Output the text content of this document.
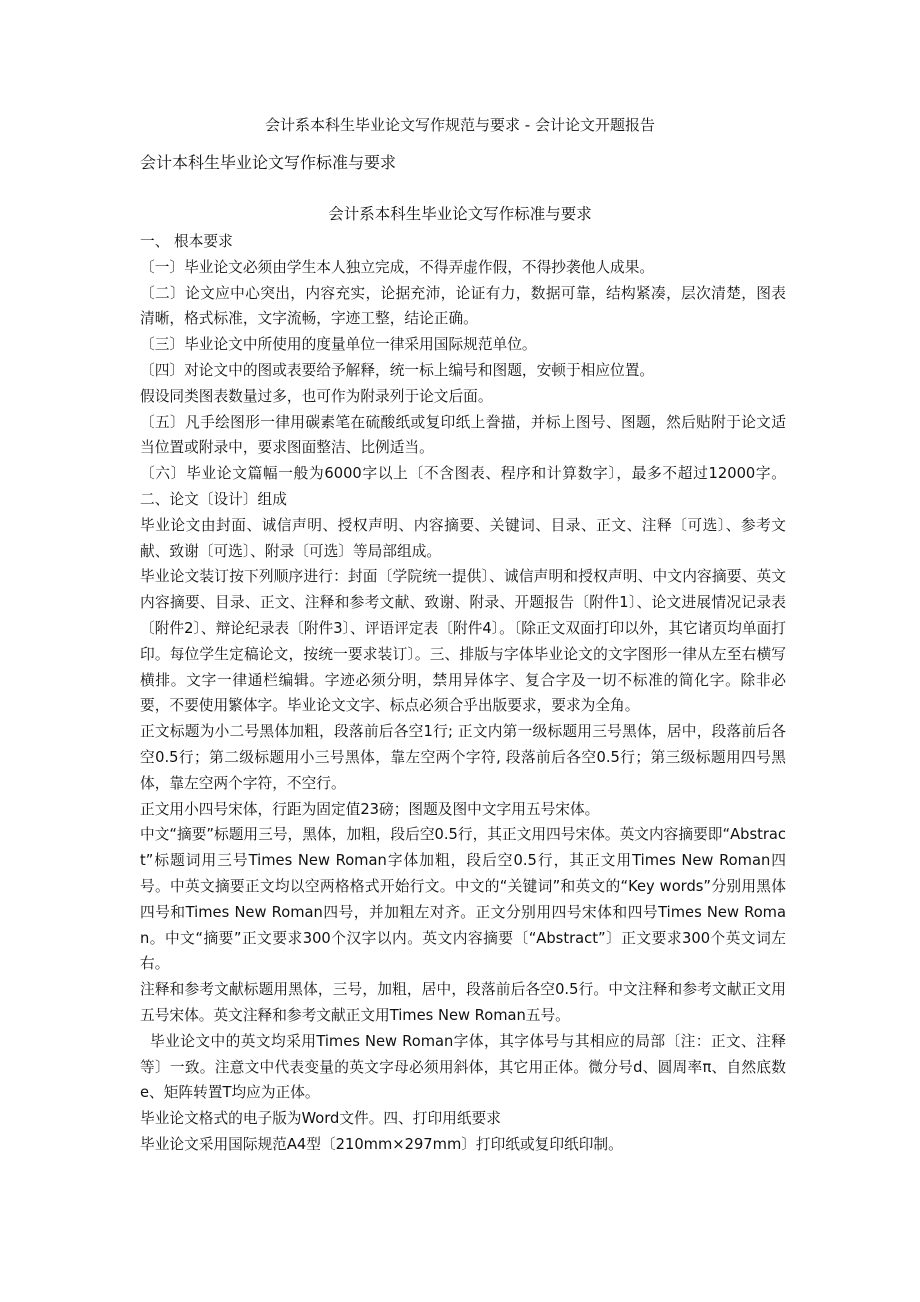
会计系本科生毕业论文写作规范与要求 - 会计论文开题报告
会计本科生毕业论文写作标准与要求
会计系本科生毕业论文写作标准与要求

一、 根本要求

〔一〕毕业论文必须由学生本人独立完成，不得弄虚作假，不得抄袭他人成果。

〔二〕论文应中心突出，内容充实，论据充沛，论证有力，数据可靠，结构紧凑，层次清楚，图表清晰，格式标准，文字流畅，字迹工整，结论正确。

〔三〕毕业论文中所使用的度量单位一律采用国际规范单位。

〔四〕对论文中的图或表要给予解释，统一标上编号和图题，安顿于相应位置。

假设同类图表数量过多，也可作为附录列于论文后面。

〔五〕凡手绘图形一律用碳素笔在硫酸纸或复印纸上誊描，并标上图号、图题，然后贴附于论文适当位置或附录中，要求图面整洁、比例适当。

〔六〕毕业论文篇幅一般为6000字以上〔不含图表、程序和计算数字〕，最多不超过12000字。二、论文〔设计〕组成

毕业论文由封面、诚信声明、授权声明、内容摘要、关键词、目录、正文、注释〔可选〕、参考文献、致谢〔可选〕、附录〔可选〕等局部组成。

毕业论文装订按下列顺序进行：封面〔学院统一提供〕、诚信声明和授权声明、中文内容摘要、英文内容摘要、目录、正文、注释和参考文献、致谢、附录、开题报告〔附件1〕、论文进展情况记录表〔附件2〕、辩论纪录表〔附件3〕、评语评定表〔附件4〕。〔除正文双面打印以外，其它诸页均单面打印。每位学生定稿论文，按统一要求装订〕。三、排版与字体毕业论文的文字图形一律从左至右横写横排。文字一律通栏编辑。字迹必须分明，禁用异体字、复合字及一切不标准的简化字。除非必要，不要使用繁体字。毕业论文文字、标点必须合乎出版要求，要求为全角。

正文标题为小二号黑体加粗，段落前后各空1行; 正文内第一级标题用三号黑体，居中，段落前后各空0.5行；第二级标题用小三号黑体，靠左空两个字符, 段落前后各空0.5行；第三级标题用四号黑体，靠左空两个字符，不空行。

正文用小四号宋体，行距为固定值23磅；图题及图中文字用五号宋体。

中文“摘要”标题用三号，黑体，加粗，段后空0.5行，其正文用四号宋体。英文内容摘要即“Abstract”标题词用三号Times New Roman字体加粗，段后空0.5行，其正文用Times New Roman四号。中英文摘要正文均以空两格格式开始行文。中文的“关键词”和英文的“Key words”分别用黑体四号和Times New Roman四号，并加粗左对齐。正文分别用四号宋体和四号Times New Roman。中文“摘要”正文要求300个汉字以内。英文内容摘要〔“Abstract”〕正文要求300个英文词左右。

注释和参考文献标题用黑体，三号，加粗，居中，段落前后各空0.5行。中文注释和参考文献正文用五号宋体。英文注释和参考文献正文用Times New Roman五号。

毕业论文中的英文均采用Times New Roman字体，其字体号与其相应的局部〔注：正文、注释等〕一致。注意文中代表变量的英文字母必须用斜体，其它用正体。微分号d、圆周率π、自然底数e、矩阵转置T均应为正体。

毕业论文格式的电子版为Word文件。四、打印用纸要求

毕业论文采用国际规范A4型〔210mm×297mm〕打印纸或复印纸印制。
